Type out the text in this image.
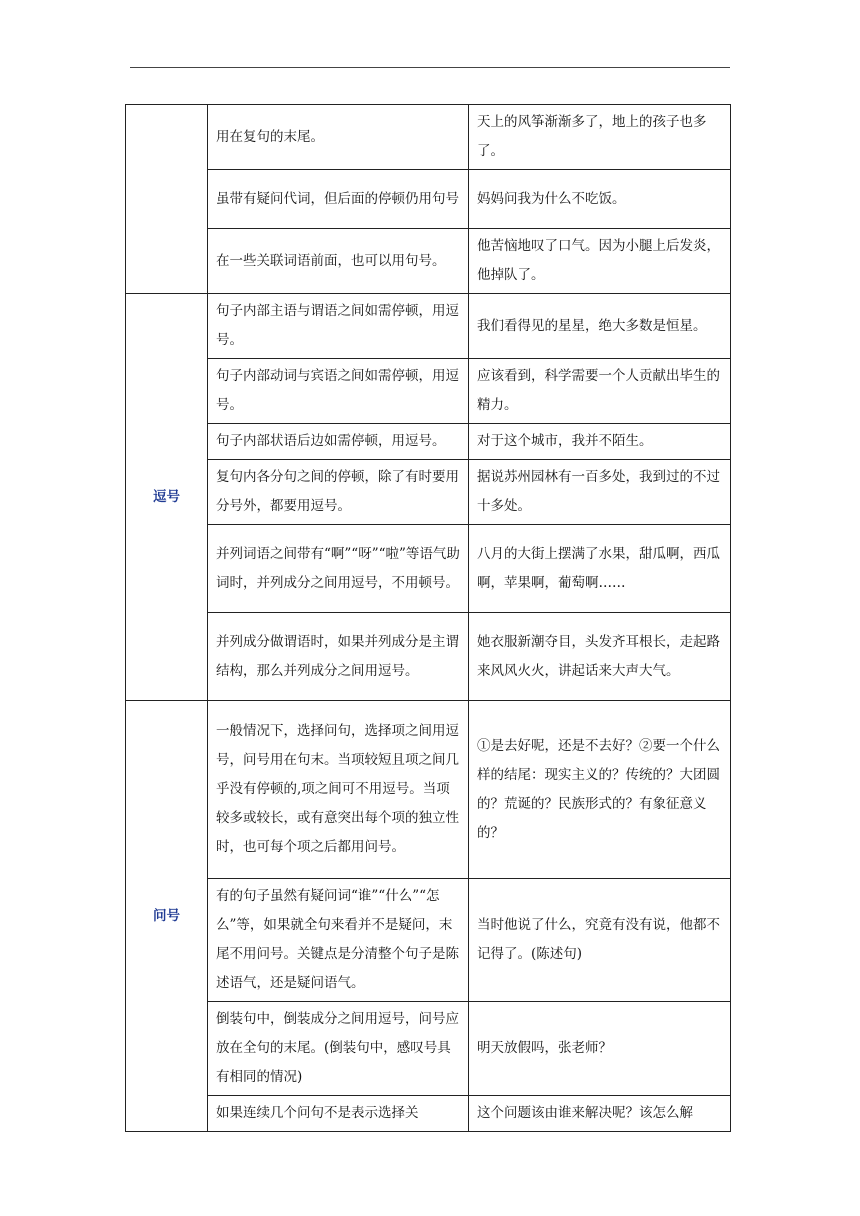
	用在复句的末尾。	天上的风筝渐渐多了，地上的孩子也多了。
	虽带有疑问代词，但后面的停顿仍用句号	妈妈问我为什么不吃饭。
	在一些关联词语前面，也可以用句号。	他苦恼地叹了口气。因为小腿上后发炎，他掉队了。
逗号	句子内部主语与谓语之间如需停顿，用逗号。	我们看得见的星星，绝大多数是恒星。
	句子内部动词与宾语之间如需停顿，用逗号。	应该看到，科学需要一个人贡献出毕生的精力。
	句子内部状语后边如需停顿，用逗号。	对于这个城市，我并不陌生。
	复句内各分句之间的停顿，除了有时要用分号外，都要用逗号。	据说苏州园林有一百多处，我到过的不过十多处。
	并列词语之间带有“啊”“呀”“啦”等语气助词时，并列成分之间用逗号，不用顿号。	八月的大街上摆满了水果，甜瓜啊，西瓜啊，苹果啊，葡萄啊……
	并列成分做谓语时，如果并列成分是主谓结构，那么并列成分之间用逗号。	她衣服新潮夺目，头发齐耳根长，走起路来风风火火，讲起话来大声大气。
问号	一般情况下，选择问句，选择项之间用逗号，问号用在句末。当项较短且项之间几乎没有停顿的,项之间可不用逗号。当项较多或较长，或有意突出每个项的独立性时，也可每个项之后都用问号。	①是去好呢，还是不去好？②要一个什么样的结尾：现实主义的？传统的？大团圆的？荒诞的？民族形式的？有象征意义的？
	有的句子虽然有疑问词“谁”“什么”“怎么”等，如果就全句来看并不是疑问，末尾不用问号。关键点是分清整个句子是陈述语气，还是疑问语气。	当时他说了什么，究竟有没有说，他都不记得了。(陈述句)
	倒装句中，倒装成分之间用逗号，问号应放在全句的末尾。(倒装句中，感叹号具有相同的情况)	明天放假吗，张老师？
	如果连续几个问句不是表示选择关	这个问题该由谁来解决呢？该怎么解
